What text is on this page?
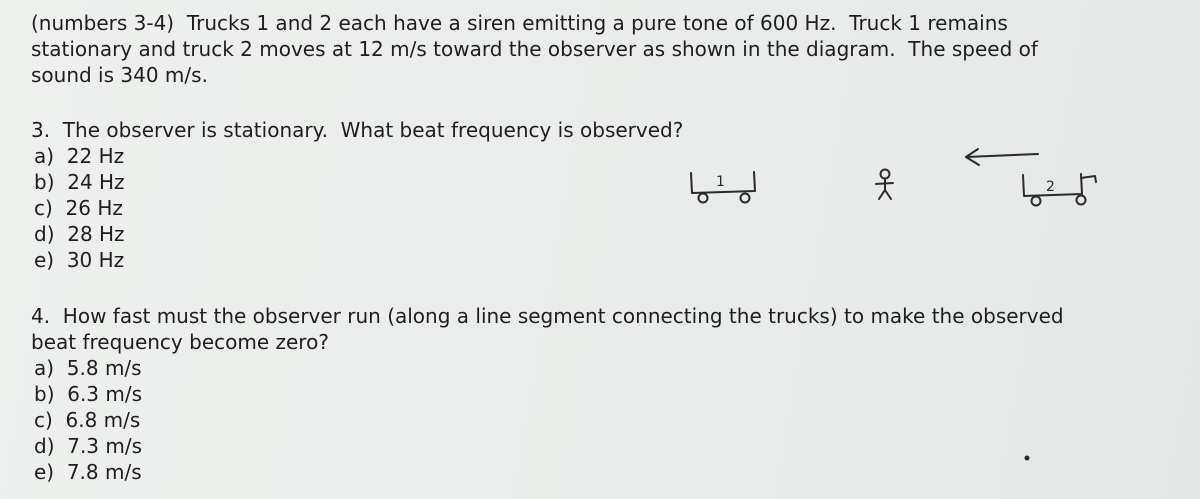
(numbers 3-4)  Trucks 1 and 2 each have a siren emitting a pure tone of 600 Hz.  Truck 1 remains
stationary and truck 2 moves at 12 m/s toward the observer as shown in the diagram.  The speed of
sound is 340 m/s.
3.  The observer is stationary.  What beat frequency is observed?
a)  22 Hz
b)  24 Hz
c)  26 Hz
d)  28 Hz
e)  30 Hz
4.  How fast must the observer run (along a line segment connecting the trucks) to make the observed
beat frequency become zero?
a)  5.8 m/s
b)  6.3 m/s
c)  6.8 m/s
d)  7.3 m/s
e)  7.8 m/s
1	2
